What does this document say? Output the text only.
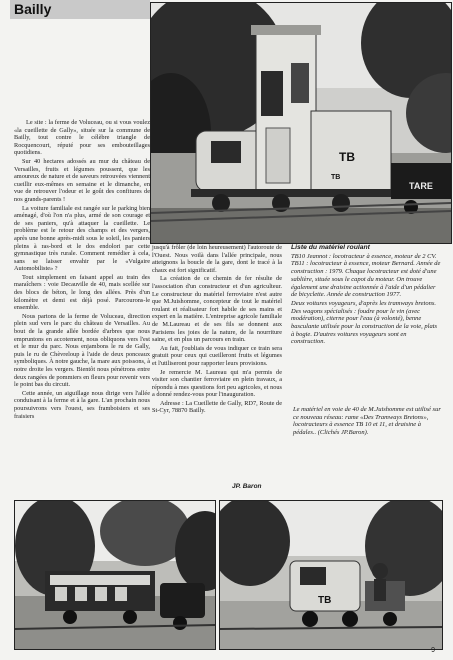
Bailly
TB
TB
TARE

Le site : la ferme de Voluceau, ou si vous voulez «la cueillette de Gally», située sur la commune de Bailly, tout contre le célèbre triangle de Rocquencourt, réputé pour ses embouteillages quotidiens.

Sur 40 hectares adossés au mur du château de Versailles, fruits et légumes poussent, que les amoureux de nature et de saveurs retrouvées viennent cueillir eux-mêmes en semaine et le dimanche, en vue de retrouver l'odeur et le goût des confitures de nos grands-parents !

La voiture familiale est rangée sur le parking bien aménagé, d'où l'on n'a plus, armé de son courage et de ses paniers, qu'à attaquer la cueillette. Le problème est le retour des champs et des vergers, après une bonne après-midi sous le soleil, les paniers pleins à ras-bord et le dos endolori par cette gymnastique très rurale. Comment remédier à cela, sans se laisser envahir par le «Vulgaire Automobiliste» ?

Tout simplement en faisant appel au train des maraîchers : voie Decauville de 40, mais scellée sur des blocs de béton, le long des allées. Près d'un kilomètre et demi est déjà posé. Parcourons-le ensemble.

Nous partons de la ferme de Voluceau, direction plein sud vers le parc du château de Versailles. Au bout de la grande allée bordée d'arbres que nous empruntons en accotement, nous obliquons vers l'est et le mur du parc. Nous enjambons le ru de Gally, puis le ru de Chèvreloup à l'aide de deux ponceaux symboliques. À notre gauche, la mare aux poissons, à notre droite les vergers. Bientôt nous pénétrons entre deux rangées de pommiers en fleurs pour revenir vers le point bas du circuit.

Cette année, un aiguillage nous dirige vers l'allée conduisant à la ferme et à la gare. L'an prochain nous poursuivrons vers l'ouest, ses framboisiers et ses fraisiers

jusqu'à frôler (de loin heureusement) l'autoroute de l'Ouest. Nous voilà dans l'allée principale, nous atteignons la boucle de la gare, dont le tracé à la chaux est fort significatif.

La création de ce chemin de fer résulte de l'association d'un constructeur et d'un agriculteur. Le constructeur du matériel ferroviaire n'est autre que M.Juishomme, concepteur de tout le matériel roulant et réalisateur fort habile de ses mains et expert en la matière. L'entreprise agricole familiale de M.Laureau et de ses fils se donnent aux Parisiens les joies de la nature, de la nourriture saine, et en plus un parcours en train.

Au fait, j'oubliais de vous indiquer ce train sera gratuit pour ceux qui cueilleront fruits et légumes et l'utiliseront pour rapporter leurs provisions.

Je remercie M. Laureau qui m'a permis de visiter son chantier ferroviaire en plein travaux, a répondu à mes questions fort peu agricoles, et nous a donné rendez-vous pour l'inauguration.

Adresse : La Cueillette de Gally, RD7, Route de St-Cyr, 78870 Bailly.

JP. Baron

Liste du matériel roulant

TB10 Jeannot : locotracteur à essence, moteur de 2 CV. TB11 : locotracteur à essence, moteur Bernard. Année de construction : 1979. Chaque locotracteur est doté d'une sablière, située sous le capot du moteur. On trouve également une draisine actionnée à l'aide d'un pédalier de bicyclette. Année de construction 1977.

Deux voitures voyageurs, d'après les tramways bretons. Des wagons spécialisés : foudre pour le vin (avec modération), citerne pour l'eau (à volonté), benne basculante utilisée pour la construction de la voie, plats à bogie. D'autres voitures voyageurs sont en construction.

Le matériel en voie de 40 de M.Juishomme est utilisé sur ce nouveau réseau: rame «Des Tramways Bretons», locotracteurs à essence TB 10 et 11, et draisine à pédales.. (Clichés JP.Baron).

TB
9
